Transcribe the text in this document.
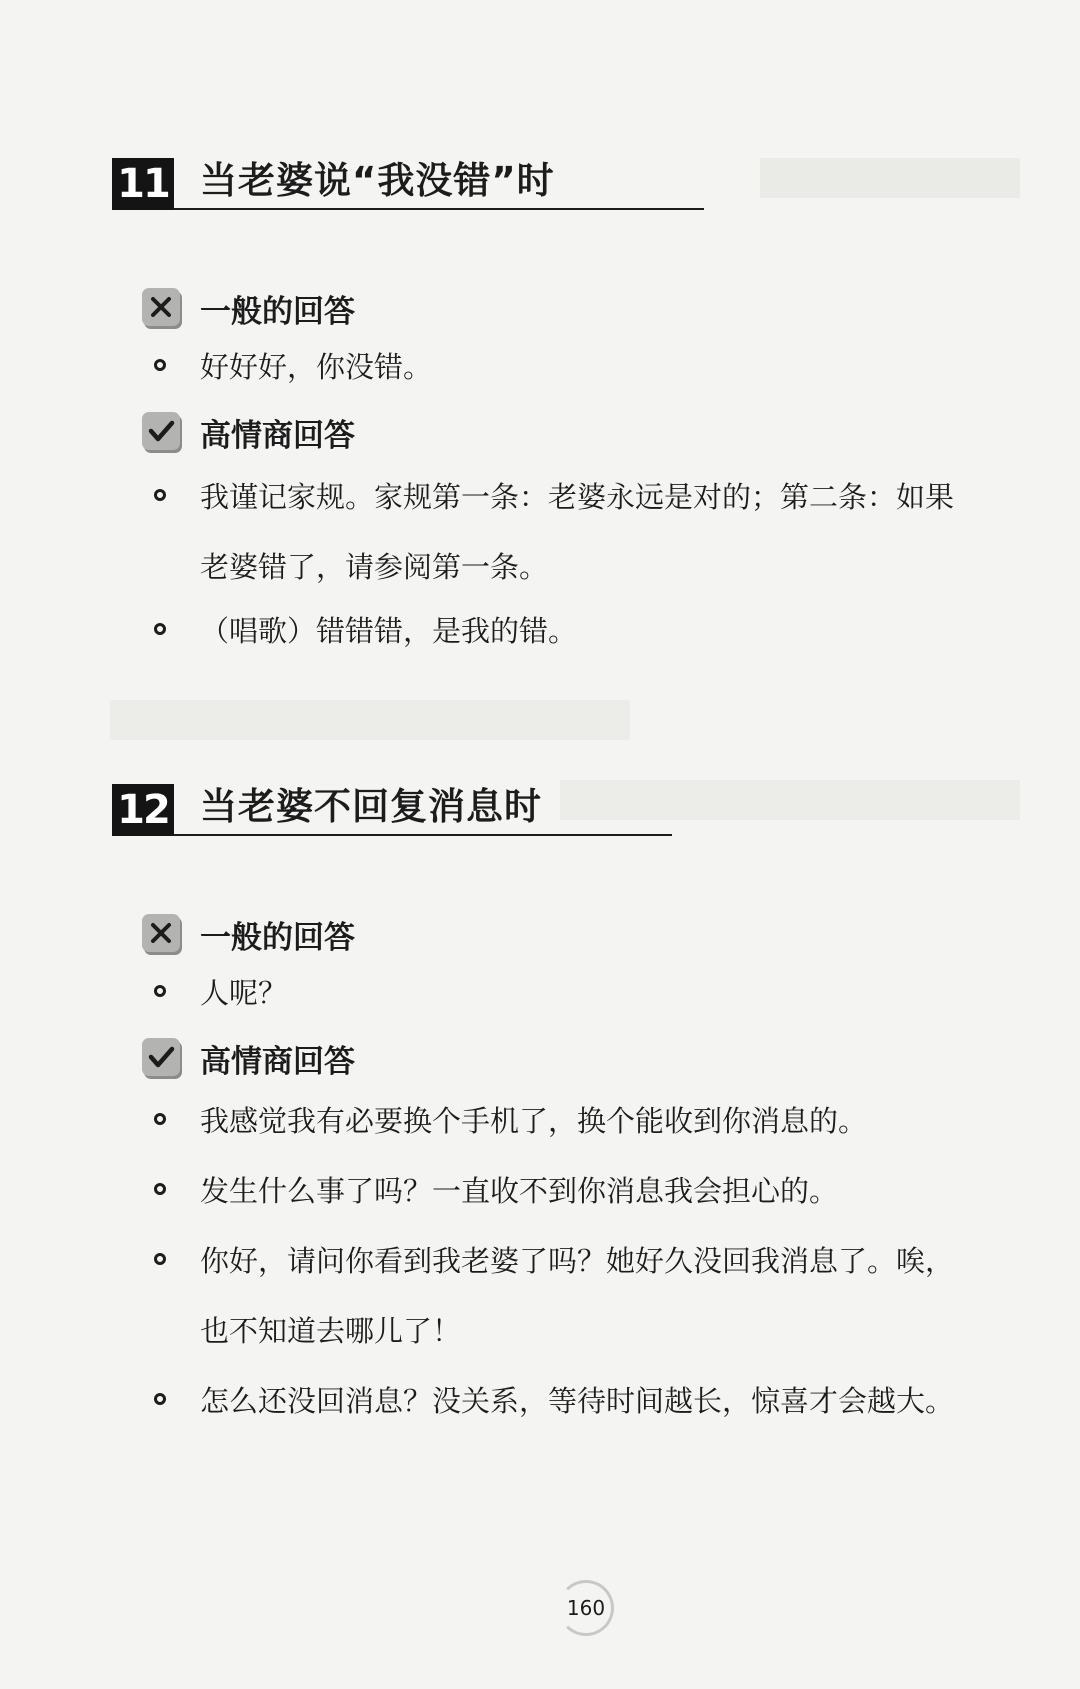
11 当老婆说“我没错”时
一般的回答
好好好，你没错。
高情商回答
我谨记家规。家规第一条：老婆永远是对的；第二条：如果
老婆错了，请参阅第一条。
（唱歌）错错错，是我的错。
12 当老婆不回复消息时
一般的回答
人呢？
高情商回答
我感觉我有必要换个手机了，换个能收到你消息的。
发生什么事了吗？一直收不到你消息我会担心的。
你好，请问你看到我老婆了吗？她好久没回我消息了。唉，
也不知道去哪儿了！
怎么还没回消息？没关系，等待时间越长，惊喜才会越大。
160
